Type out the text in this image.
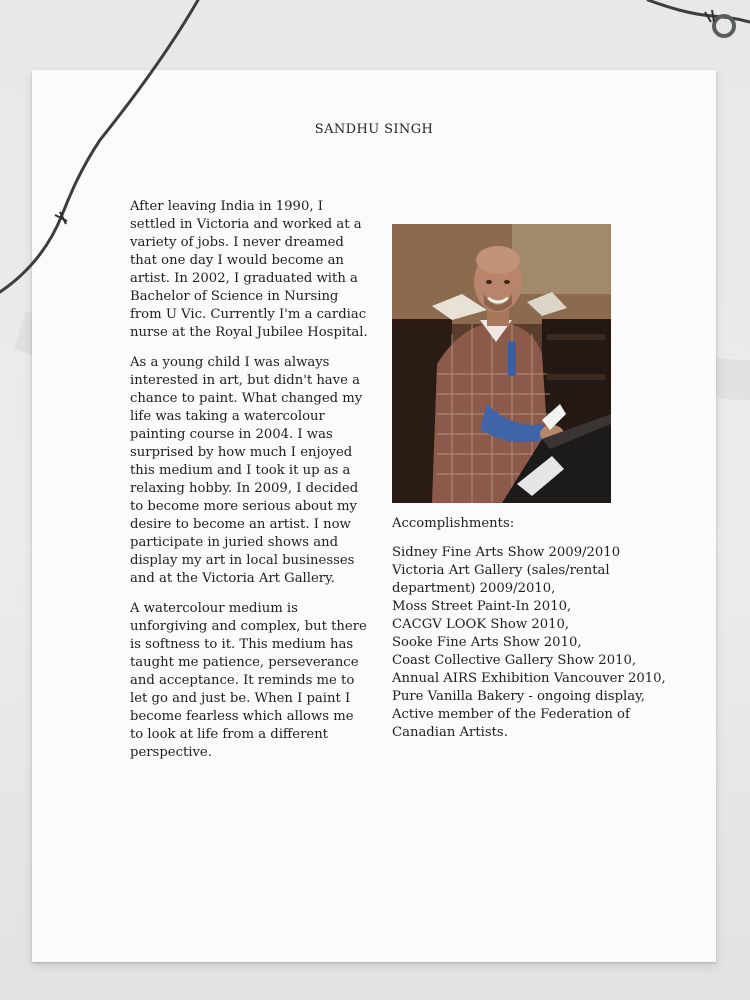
SANDHU SINGH

After leaving India in 1990, I settled in Victoria and worked at a variety of jobs. I never dreamed that one day I would become an artist. In 2002, I graduated with a Bachelor of Science in Nursing from U Vic. Currently I'm a cardiac nurse at the Royal Jubilee Hospital.

As a young child I was always interested in art, but didn't have a chance to paint. What changed my life was taking a watercolour painting course in 2004. I was surprised by how much I enjoyed this medium and I took it up as a relaxing hobby. In 2009, I decided to become more serious about my desire to become an artist. I now participate in juried shows and display my art in local businesses and at the Victoria Art Gallery.

A watercolour medium is unforgiving and complex, but there is softness to it. This medium has taught me patience, perseverance and acceptance. It reminds me to let go and just be. When I paint I become fearless which allows me to look at life from a different perspective.

Accomplishments:
Sidney Fine Arts Show 2009/2010
Victoria Art Gallery (sales/rental
department) 2009/2010,
Moss Street Paint-In 2010,
CACGV LOOK Show 2010,
Sooke Fine Arts Show 2010,
Coast Collective Gallery Show 2010,
Annual AIRS Exhibition Vancouver 2010,
Pure Vanilla Bakery - ongoing display,
Active member of the Federation of
Canadian Artists.
